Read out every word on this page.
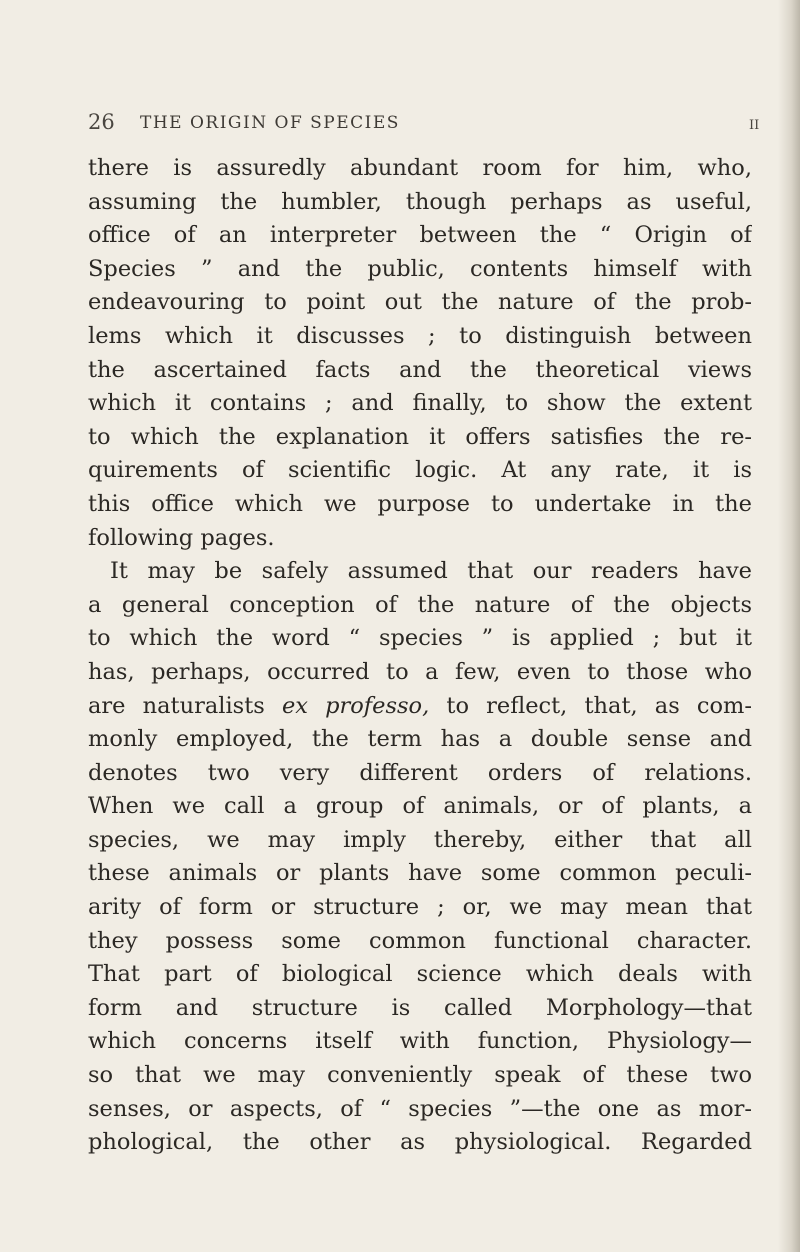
26 THE ORIGIN OF SPECIES	II
there is assuredly abundant room for him, who,
assuming the humbler, though perhaps as useful,
office of an interpreter between the “ Origin of
Species ” and the public, contents himself with
endeavouring to point out the nature of the prob-
lems which it discusses ; to distinguish between
the ascertained facts and the theoretical views
which it contains ; and finally, to show the extent
to which the explanation it offers satisfies the re-
quirements of scientific logic. At any rate, it is
this office which we purpose to undertake in the
following pages.
It may be safely assumed that our readers have
a general conception of the nature of the objects
to which the word “ species ” is applied ; but it
has, perhaps, occurred to a few, even to those who
are naturalists ex professo, to reflect, that, as com-
monly employed, the term has a double sense and
denotes two very different orders of relations.
When we call a group of animals, or of plants, a
species, we may imply thereby, either that all
these animals or plants have some common peculi-
arity of form or structure ; or, we may mean that
they possess some common functional character.
That part of biological science which deals with
form and structure is called Morphology—that
which concerns itself with function, Physiology—
so that we may conveniently speak of these two
senses, or aspects, of “ species ”—the one as mor-
phological, the other as physiological. Regarded
